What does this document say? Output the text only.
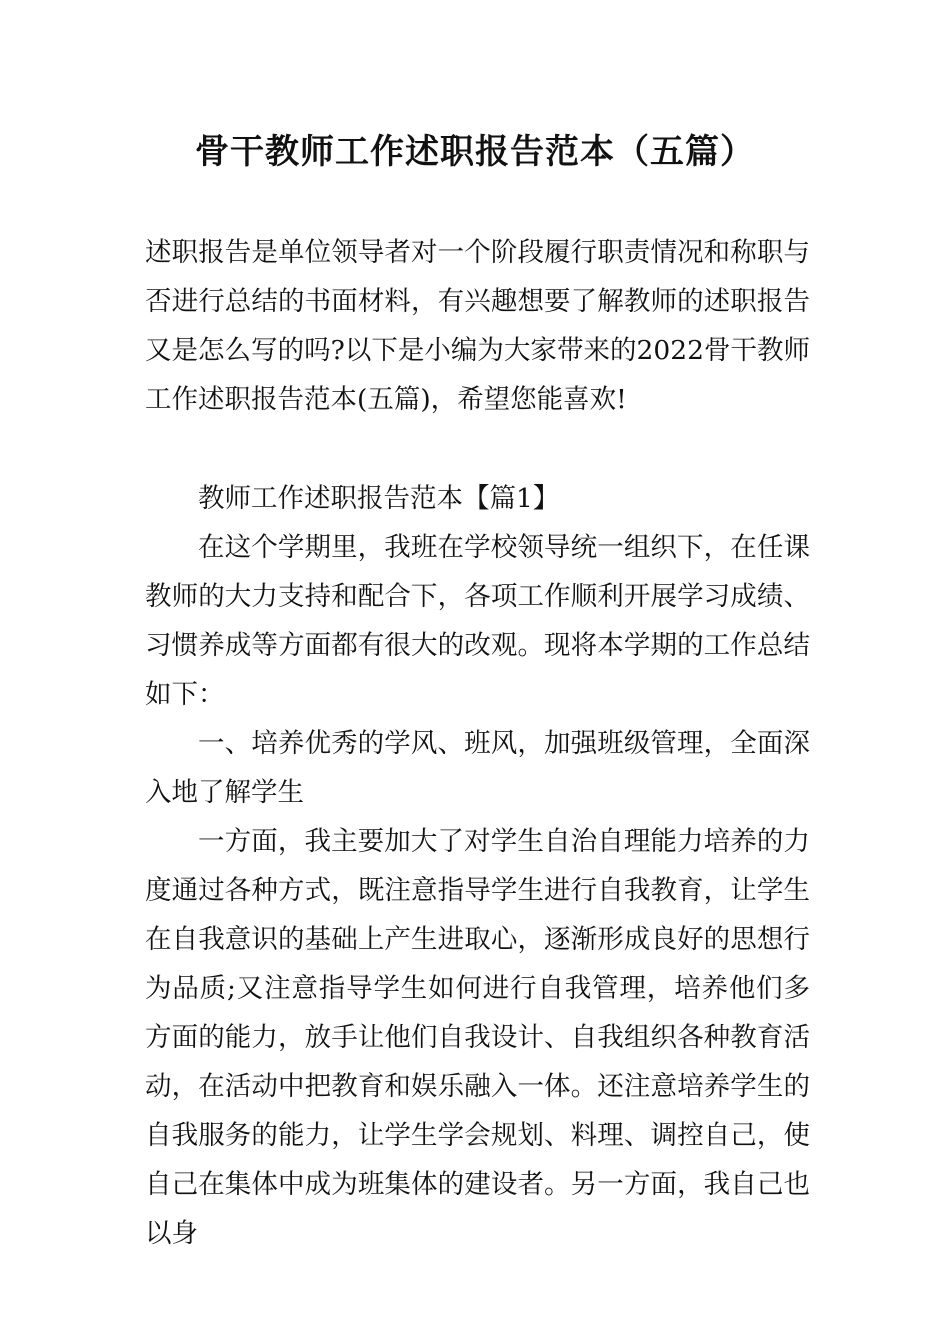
骨干教师工作述职报告范本（五篇）

述职报告是单位领导者对一个阶段履行职责情况和称职与否进行总结的书面材料，有兴趣想要了解教师的述职报告又是怎么写的吗?以下是小编为大家带来的2022骨干教师工作述职报告范本(五篇)，希望您能喜欢!

教师工作述职报告范本【篇1】

在这个学期里，我班在学校领导统一组织下，在任课教师的大力支持和配合下，各项工作顺利开展学习成绩、习惯养成等方面都有很大的改观。现将本学期的工作总结如下：

一、培养优秀的学风、班风，加强班级管理，全面深入地了解学生

一方面，我主要加大了对学生自治自理能力培养的力度通过各种方式，既注意指导学生进行自我教育，让学生在自我意识的基础上产生进取心，逐渐形成良好的思想行为品质;又注意指导学生如何进行自我管理，培养他们多方面的能力，放手让他们自我设计、自我组织各种教育活动，在活动中把教育和娱乐融入一体。还注意培养学生的自我服务的能力，让学生学会规划、料理、调控自己，使自己在集体中成为班集体的建设者。另一方面，我自己也以身
